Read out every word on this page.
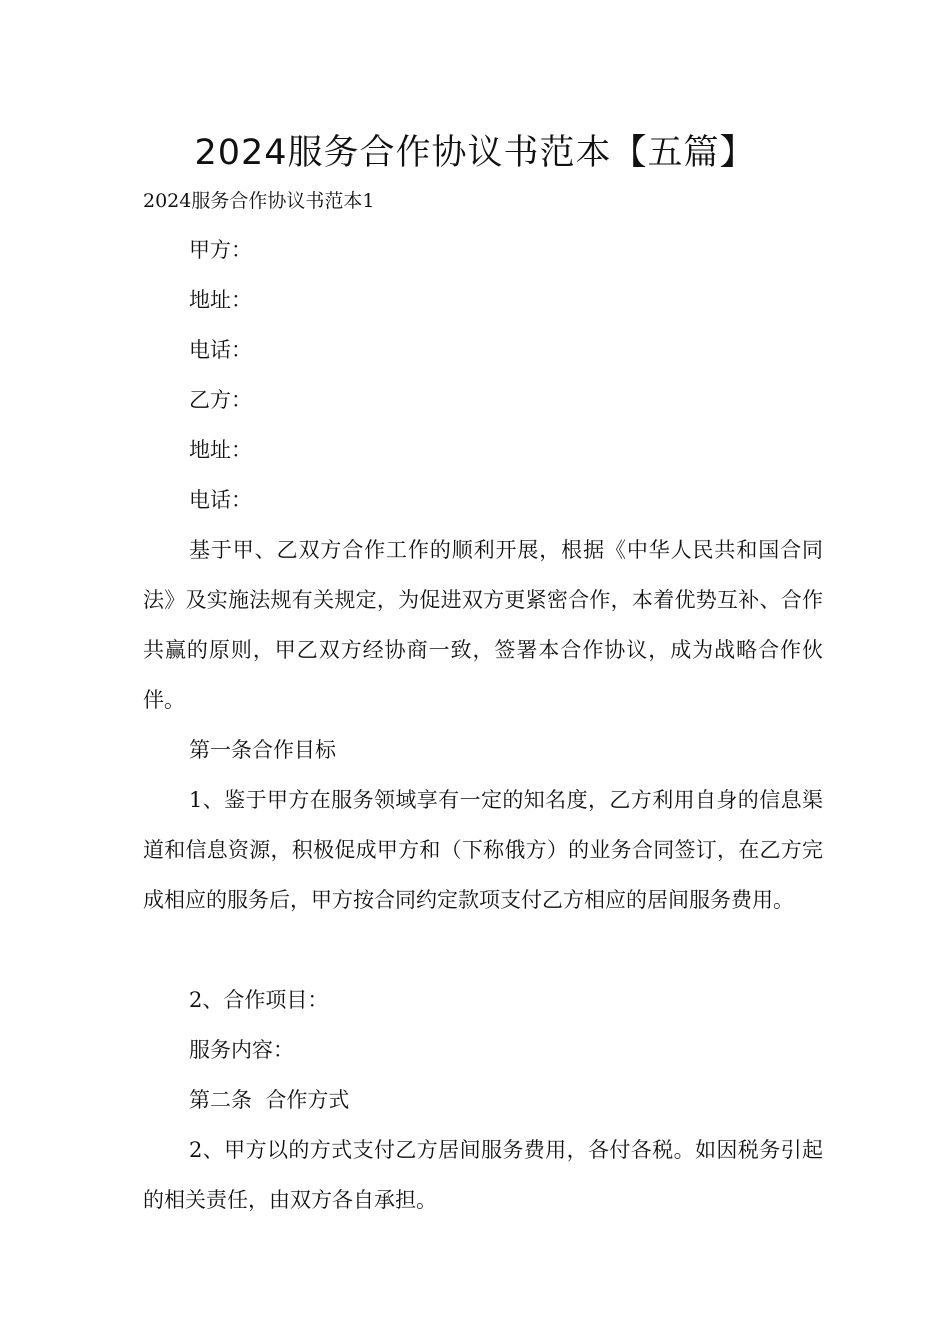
2024服务合作协议书范本【五篇】
2024服务合作协议书范本1
甲方：
地址：
电话：
乙方：
地址：
电话：

基于甲、乙双方合作工作的顺利开展，根据《中华人民共和国合同法》及实施法规有关规定，为促进双方更紧密合作，本着优势互补、合作共赢的原则，甲乙双方经协商一致，签署本合作协议，成为战略合作伙伴。

第一条合作目标

1、鉴于甲方在服务领域享有一定的知名度，乙方利用自身的信息渠道和信息资源，积极促成甲方和（下称俄方）的业务合同签订，在乙方完成相应的服务后，甲方按合同约定款项支付乙方相应的居间服务费用。

2、合作项目：
服务内容：
第二条  合作方式

2、甲方以的方式支付乙方居间服务费用，各付各税。如因税务引起的相关责任，由双方各自承担。
